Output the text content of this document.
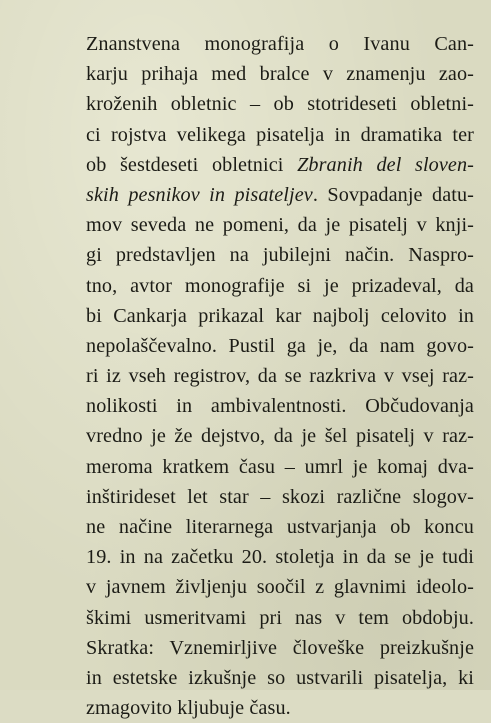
Znanstvena monografija o Ivanu Can-
karju prihaja med bralce v znamenju zao-
kroženih obletnic – ob stotrideseti obletni-
ci rojstva velikega pisatelja in dramatika ter
ob šestdeseti obletnici Zbranih del sloven-
skih pesnikov in pisateljev. Sovpadanje datu-
mov seveda ne pomeni, da je pisatelj v knji-
gi predstavljen na jubilejni način. Naspro-
tno, avtor monografije si je prizadeval, da
bi Cankarja prikazal kar najbolj celovito in
nepolaščevalno. Pustil ga je, da nam govo-
ri iz vseh registrov, da se razkriva v vsej raz-
nolikosti in ambivalentnosti. Občudovanja
vredno je že dejstvo, da je šel pisatelj v raz-
meroma kratkem času – umrl je komaj dva-
inštirideset let star – skozi različne slogov-
ne načine literarnega ustvarjanja ob koncu
19. in na začetku 20. stoletja in da se je tudi
v javnem življenju soočil z glavnimi ideolo-
škimi usmeritvami pri nas v tem obdobju.
Skratka: Vznemirljive človeške preizkušnje
in estetske izkušnje so ustvarili pisatelja, ki
zmagovito kljubuje času.
